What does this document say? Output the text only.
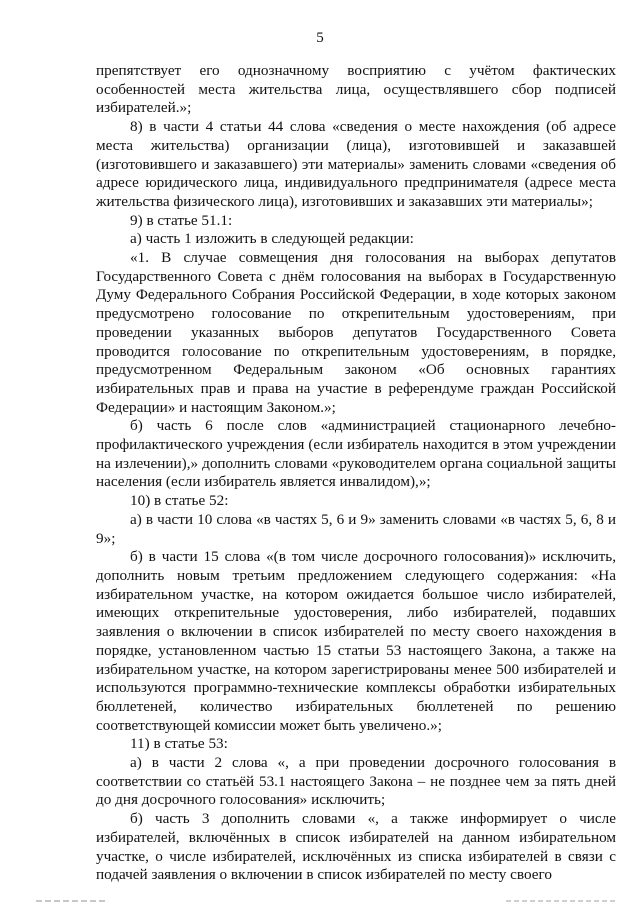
5

препятствует его однозначному восприятию с учётом фактических особенностей места жительства лица, осуществлявшего сбор подписей избирателей.»;

8) в части 4 статьи 44 слова «сведения о месте нахождения (об адресе места жительства) организации (лица), изготовившей и заказавшей (изготовившего и заказавшего) эти материалы» заменить словами «сведения об адресе юридического лица, индивидуального предпринимателя (адресе места жительства физического лица), изготовивших и заказавших эти материалы»;

9) в статье 51.1:

а) часть 1 изложить в следующей редакции:

«1. В случае совмещения дня голосования на выборах депутатов Государственного Совета с днём голосования на выборах в Государственную Думу Федерального Собрания Российской Федерации, в ходе которых законом предусмотрено голосование по открепительным удостоверениям, при проведении указанных выборов депутатов Государственного Совета проводится голосование по открепительным удостоверениям, в порядке, предусмотренном Федеральным законом «Об основных гарантиях избирательных прав и права на участие в референдуме граждан Российской Федерации» и настоящим Законом.»;

б) часть 6 после слов «администрацией стационарного лечебно-профилактического учреждения (если избиратель находится в этом учреждении на излечении),» дополнить словами «руководителем органа социальной защиты населения (если избиратель является инвалидом),»;

10) в статье 52:

а) в части 10 слова «в частях 5, 6 и 9» заменить словами «в частях 5, 6, 8 и 9»;

б) в части 15 слова «(в том числе досрочного голосования)» исключить, дополнить новым третьим предложением следующего содержания: «На избирательном участке, на котором ожидается большое число избирателей, имеющих открепительные удостоверения, либо избирателей, подавших заявления о включении в список избирателей по месту своего нахождения в порядке, установленном частью 15 статьи 53 настоящего Закона, а также на избирательном участке, на котором зарегистрированы менее 500 избирателей и используются программно-технические комплексы обработки избирательных бюллетеней, количество избирательных бюллетеней по решению соответствующей комиссии может быть увеличено.»;

11) в статье 53:

а) в части 2 слова «, а при проведении досрочного голосования в соответствии со статьёй 53.1 настоящего Закона – не позднее чем за пять дней до дня досрочного голосования» исключить;

б) часть 3 дополнить словами «, а также информирует о числе избирателей, включённых в список избирателей на данном избирательном участке, о числе избирателей, исключённых из списка избирателей в связи с подачей заявления о включении в список избирателей по месту своего
